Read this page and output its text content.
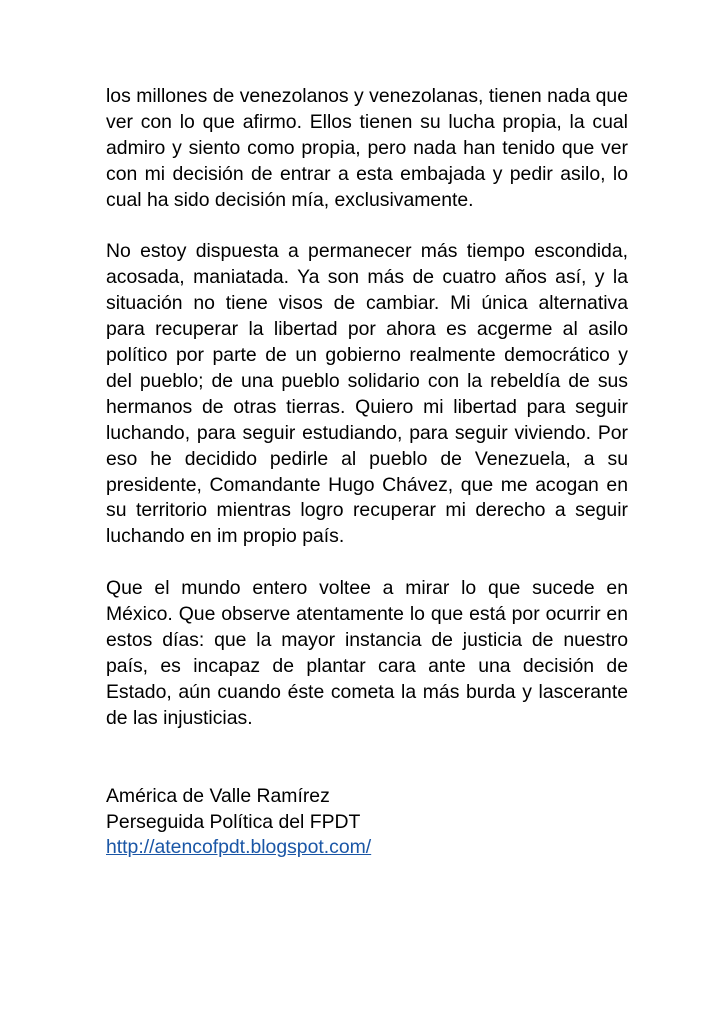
los millones de venezolanos y venezolanas, tienen nada que ver con lo que afirmo. Ellos tienen su lucha propia, la cual admiro y siento como propia, pero nada han tenido que ver con mi decisión de entrar a esta embajada y pedir asilo, lo cual ha sido decisión mía, exclusivamente.

No estoy dispuesta a permanecer más tiempo escondida, acosada, maniatada. Ya son más de cuatro años así, y la situación no tiene visos de cambiar. Mi única alternativa para recuperar la libertad por ahora es acgerme al asilo político por parte de un gobierno realmente democrático y del pueblo; de una pueblo solidario con la rebeldía de sus hermanos de otras tierras. Quiero mi libertad para seguir luchando, para seguir estudiando, para seguir viviendo. Por eso he decidido pedirle al pueblo de Venezuela, a su presidente, Comandante Hugo Chávez, que me acogan en su territorio mientras logro recuperar mi derecho a seguir luchando en im propio país.

Que el mundo entero voltee a mirar lo que sucede en México. Que observe atentamente lo que está por ocurrir en estos días: que la mayor instancia de justicia de nuestro país, es incapaz de plantar cara ante una decisión de Estado, aún cuando éste cometa la más burda y lascerante de las injusticias.

América de Valle Ramírez
Perseguida Política del FPDT
http://atencofpdt.blogspot.com/
